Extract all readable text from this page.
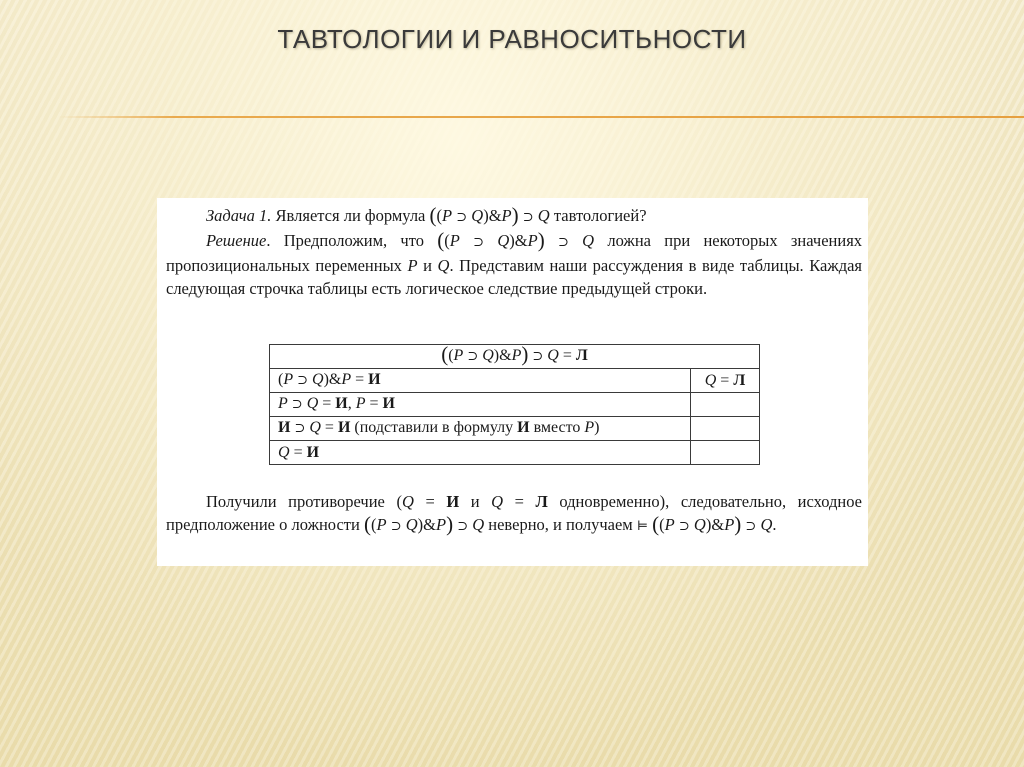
ТАВТОЛОГИИ И РАВНОСИТЬНОСТИ

Задача 1. Является ли формула ((P ⊃ Q)&P) ⊃ Q тавтологией?

Решение. Предположим, что ((P ⊃ Q)&P) ⊃ Q ложна при некоторых значениях пропозициональных переменных P и Q. Представим наши рассуждения в виде таблицы. Каждая следующая строчка таблицы есть логическое следствие предыдущей строки.

((P ⊃ Q)&P) ⊃ Q = Л	
(P ⊃ Q)&P = И	Q = Л
P ⊃ Q = И, P = И	
И ⊃ Q = И (подставили в формулу И вместо P)	
Q = И	

Получили противоречие (Q = И и Q = Л одновременно), следовательно, исходное предположение о ложности ((P ⊃ Q)&P) ⊃ Q неверно, и получаем ⊨ ((P ⊃ Q)&P) ⊃ Q.
